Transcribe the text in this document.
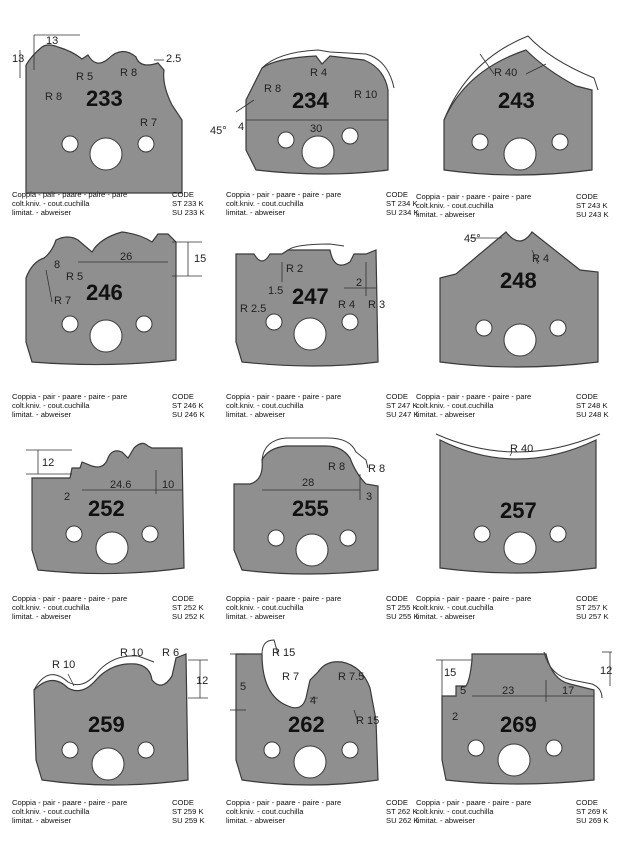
13
13
R 5 R 8
2.5
R 8
R 7
233
Coppia - pair - paare - paire - pare	CODE
colt.kniv. - cout.cuchilla	ST 233 K
limitat. - abweiser	SU 233 K
R 4
R 8	R 10
4
45°	30
234
Coppia - pair - paare - paire - pare	CODE
colt.kniv. - cout.cuchilla	ST 234 K
limitat. - abweiser	SU 234 K
R 40
243
Coppia - pair - paare - paire - pare	CODE
colt.kniv. - cout.cuchilla	ST 243 K
limitat. - abweiser	SU 243 K
26	15
8
R 5
R 7 246
Coppia - pair - paare - paire - pare	CODE
colt.kniv. - cout.cuchilla	ST 246 K
limitat. - abweiser	SU 246 K
R 2
1.5
2
R 2.5	R 4 R 3
247
Coppia - pair - paare - paire - pare	CODE
colt.kniv. - cout.cuchilla	ST 247 K
limitat. - abweiser	SU 247 K
45°
R 4
248
Coppia - pair - paare - paire - pare	CODE
colt.kniv. - cout.cuchilla	ST 248 K
limitat. - abweiser	SU 248 K
12
2
24.6	10
252
Coppia - pair - paare - paire - pare	CODE
colt.kniv. - cout.cuchilla	ST 252 K
limitat. - abweiser	SU 252 K
R 8 R 8
28
3
255
Coppia - pair - paare - paire - pare	CODE
colt.kniv. - cout.cuchilla	ST 255 K
limitat. - abweiser	SU 255 K
R 40
257
Coppia - pair - paare - paire - pare	CODE
colt.kniv. - cout.cuchilla	ST 257 K
limitat. - abweiser	SU 257 K
R 10
R 10 R 6
12
259
Coppia - pair - paare - paire - pare	CODE
colt.kniv. - cout.cuchilla	ST 259 K
limitat. - abweiser	SU 259 K
R 15
5
R 7	R 7.5
4
R 15
262
Coppia - pair - paare - paire - pare	CODE
colt.kniv. - cout.cuchilla	ST 262 K
limitat. - abweiser	SU 262 K
15
5	23	17
12
2 269
Coppia - pair - paare - paire - pare	CODE
colt.kniv. - cout.cuchilla	ST 269 K
limitat. - abweiser	SU 269 K
